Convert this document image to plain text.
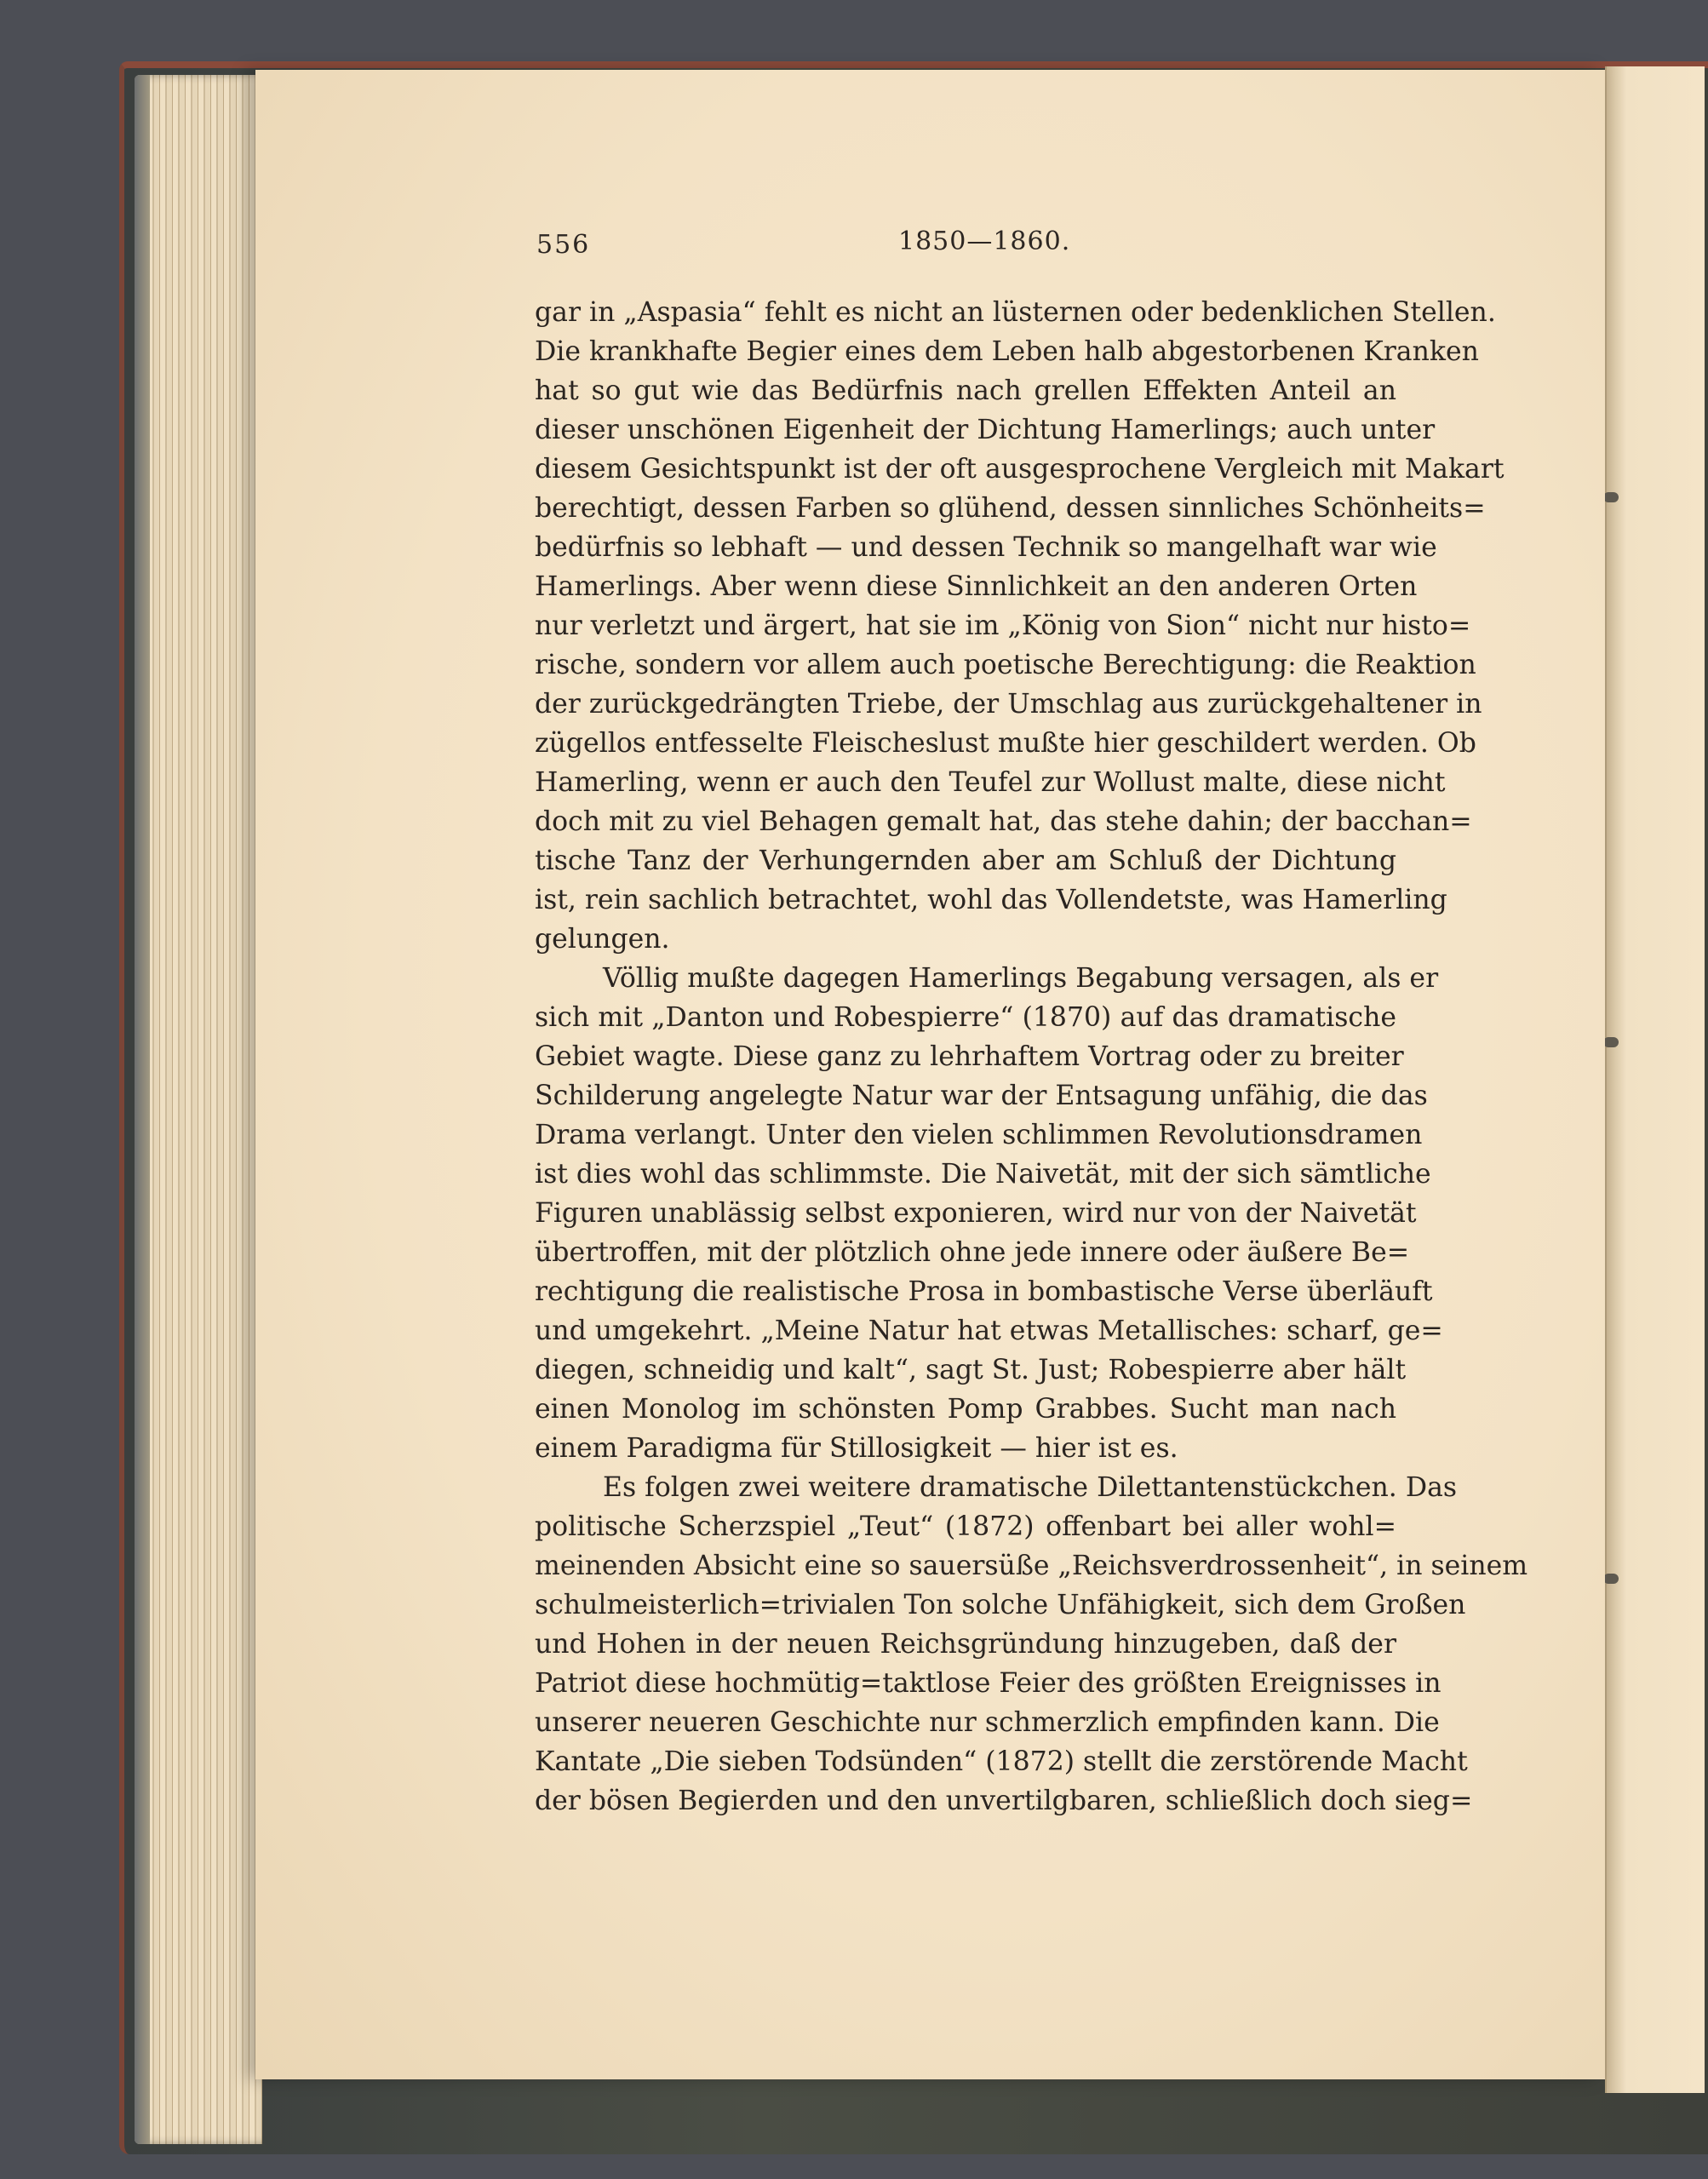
556	1850—1860.
gar in „Aspasia“ fehlt es nicht an lüsternen oder bedenklichen Stellen.
Die krankhafte Begier eines dem Leben halb abgestorbenen Kranken
hat so gut wie das Bedürfnis nach grellen Effekten Anteil an
dieser unschönen Eigenheit der Dichtung Hamerlings; auch unter
diesem Gesichtspunkt ist der oft ausgesprochene Vergleich mit Makart
berechtigt, dessen Farben so glühend, dessen sinnliches Schönheits=
bedürfnis so lebhaft — und dessen Technik so mangelhaft war wie
Hamerlings. Aber wenn diese Sinnlichkeit an den anderen Orten
nur verletzt und ärgert, hat sie im „König von Sion“ nicht nur histo=
rische, sondern vor allem auch poetische Berechtigung: die Reaktion
der zurückgedrängten Triebe, der Umschlag aus zurückgehaltener in
zügellos entfesselte Fleischeslust mußte hier geschildert werden. Ob
Hamerling, wenn er auch den Teufel zur Wollust malte, diese nicht
doch mit zu viel Behagen gemalt hat, das stehe dahin; der bacchan=
tische Tanz der Verhungernden aber am Schluß der Dichtung
ist, rein sachlich betrachtet, wohl das Vollendetste, was Hamerling
gelungen.
Völlig mußte dagegen Hamerlings Begabung versagen, als er
sich mit „Danton und Robespierre“ (1870) auf das dramatische
Gebiet wagte. Diese ganz zu lehrhaftem Vortrag oder zu breiter
Schilderung angelegte Natur war der Entsagung unfähig, die das
Drama verlangt. Unter den vielen schlimmen Revolutionsdramen
ist dies wohl das schlimmste. Die Naivetät, mit der sich sämtliche
Figuren unablässig selbst exponieren, wird nur von der Naivetät
übertroffen, mit der plötzlich ohne jede innere oder äußere Be=
rechtigung die realistische Prosa in bombastische Verse überläuft
und umgekehrt. „Meine Natur hat etwas Metallisches: scharf, ge=
diegen, schneidig und kalt“, sagt St. Just; Robespierre aber hält
einen Monolog im schönsten Pomp Grabbes. Sucht man nach
einem Paradigma für Stillosigkeit — hier ist es.
Es folgen zwei weitere dramatische Dilettantenstückchen. Das
politische Scherzspiel „Teut“ (1872) offenbart bei aller wohl=
meinenden Absicht eine so sauersüße „Reichsverdrossenheit“, in seinem
schulmeisterlich=trivialen Ton solche Unfähigkeit, sich dem Großen
und Hohen in der neuen Reichsgründung hinzugeben, daß der
Patriot diese hochmütig=taktlose Feier des größten Ereignisses in
unserer neueren Geschichte nur schmerzlich empfinden kann. Die
Kantate „Die sieben Todsünden“ (1872) stellt die zerstörende Macht
der bösen Begierden und den unvertilgbaren, schließlich doch sieg=
